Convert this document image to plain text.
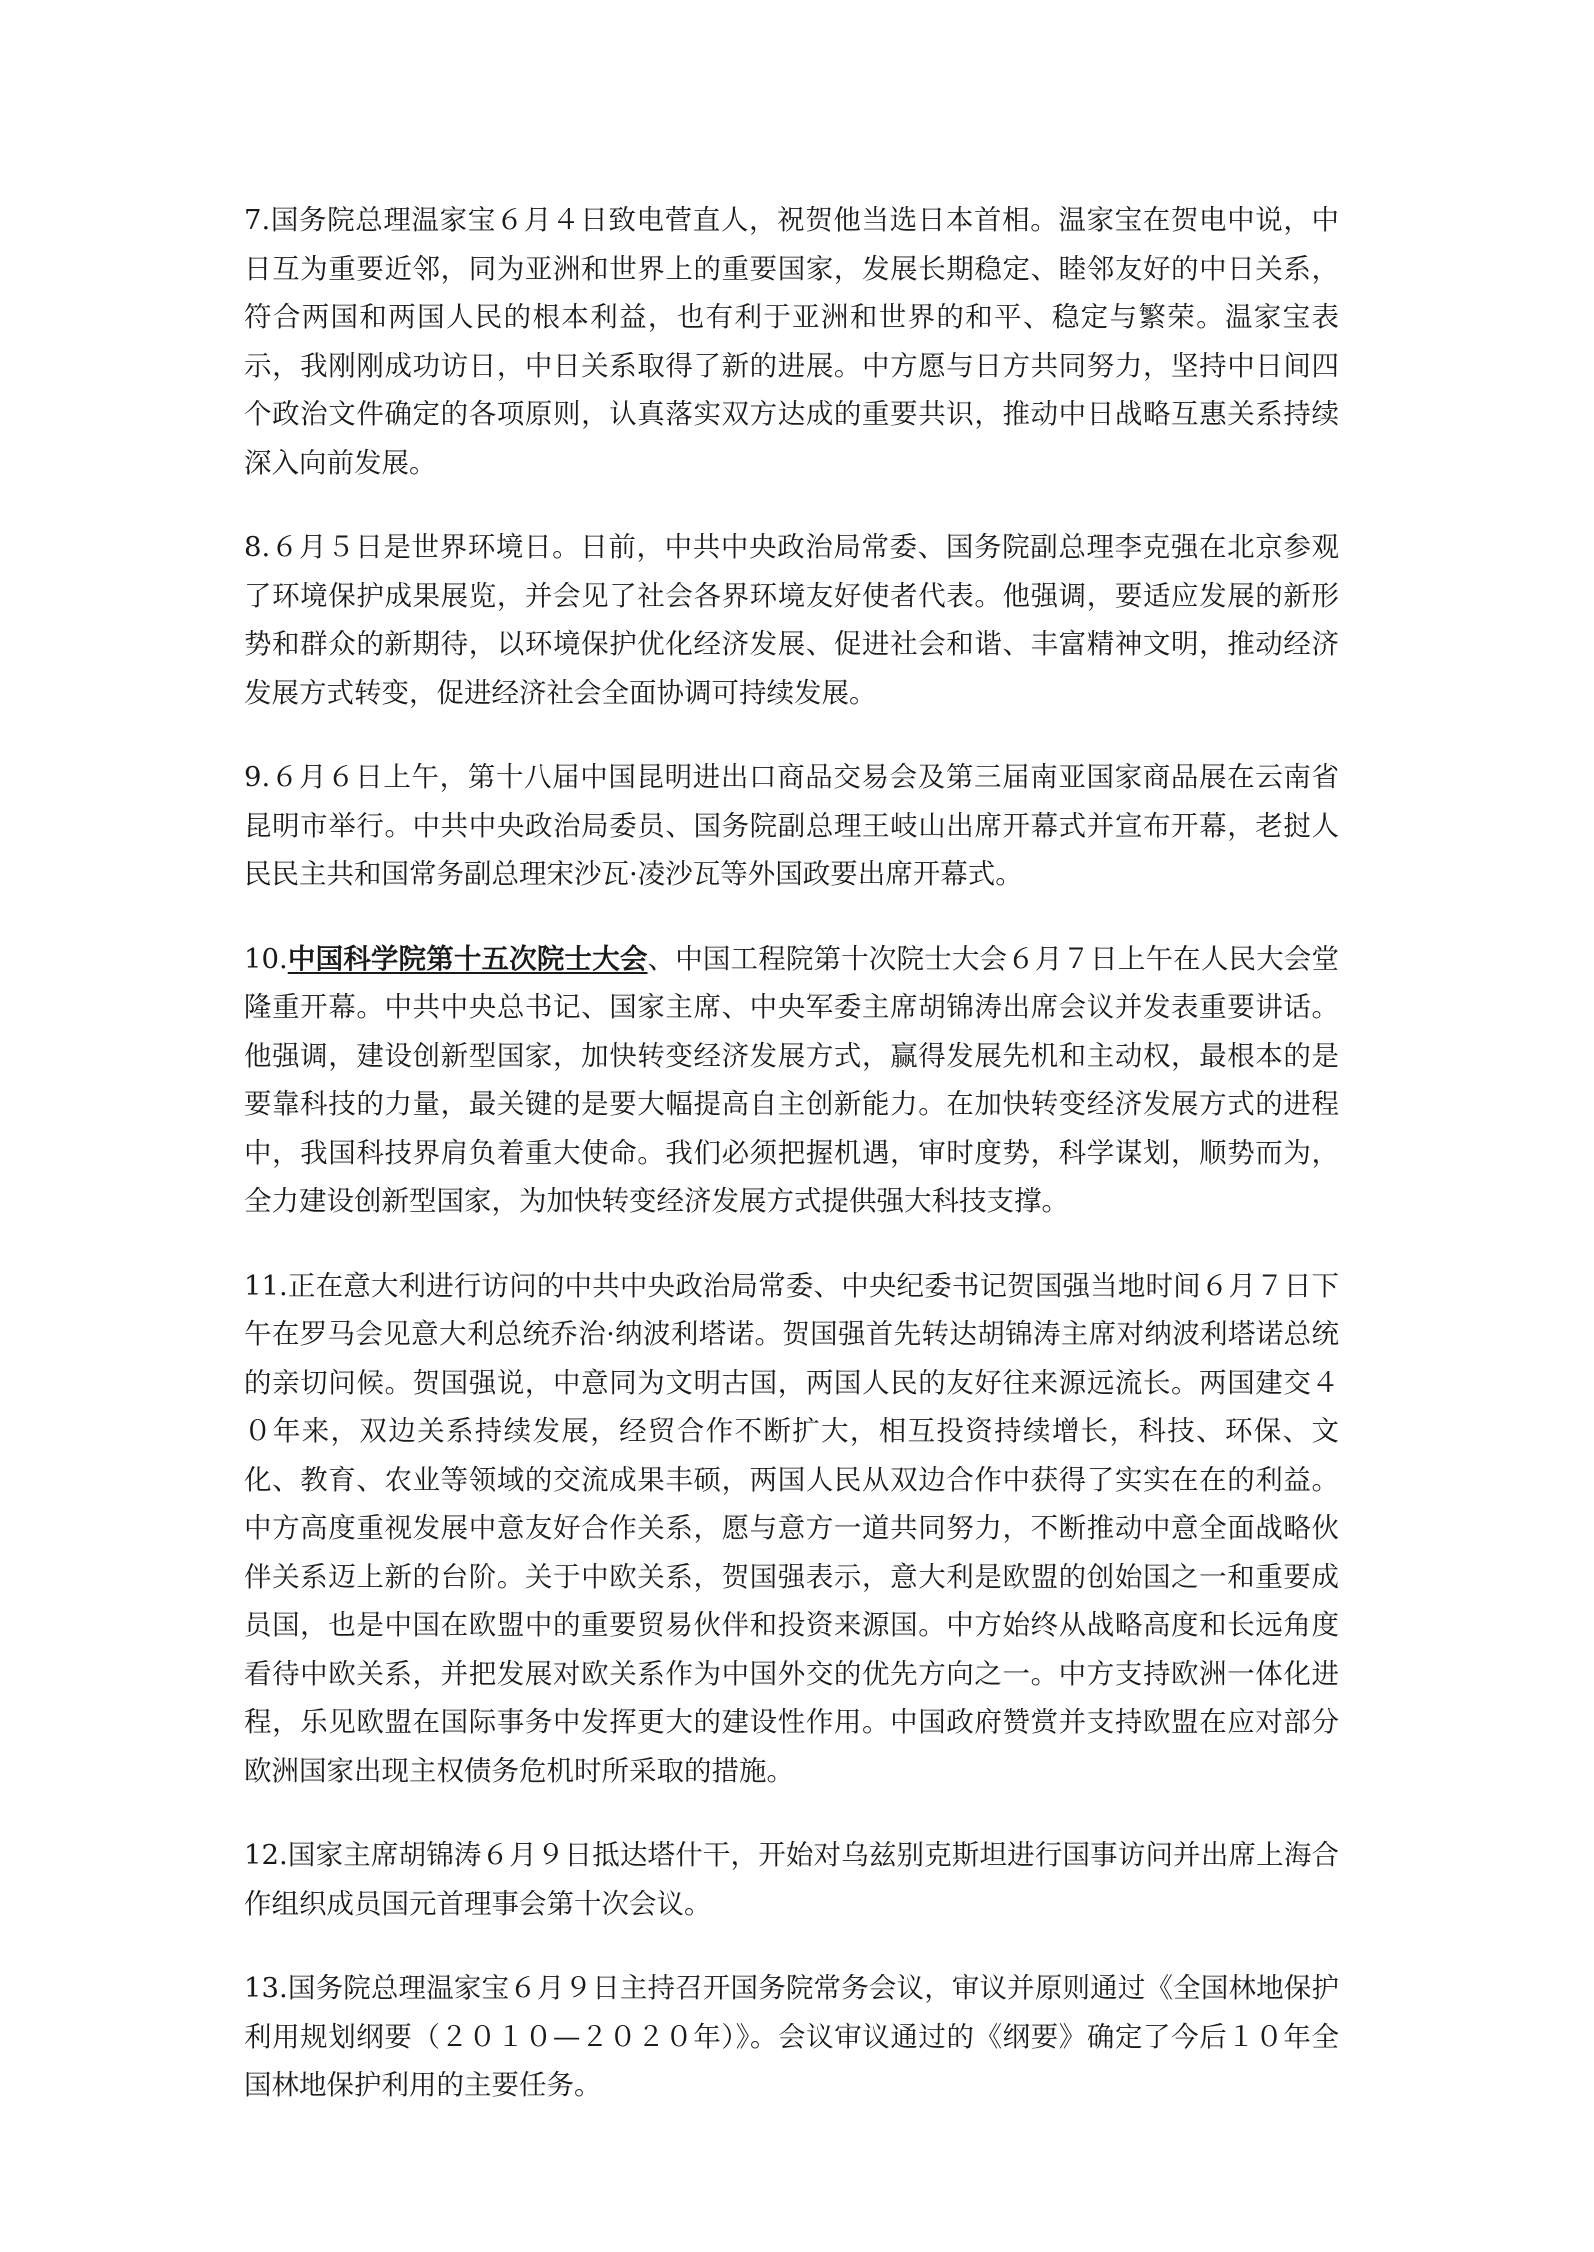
7.国务院总理温家宝６月４日致电菅直人，祝贺他当选日本首相。温家宝在贺电中说，中日互为重要近邻，同为亚洲和世界上的重要国家，发展长期稳定、睦邻友好的中日关系，符合两国和两国人民的根本利益，也有利于亚洲和世界的和平、稳定与繁荣。温家宝表示，我刚刚成功访日，中日关系取得了新的进展。中方愿与日方共同努力，坚持中日间四个政治文件确定的各项原则，认真落实双方达成的重要共识，推动中日战略互惠关系持续深入向前发展。

8.６月５日是世界环境日。日前，中共中央政治局常委、国务院副总理李克强在北京参观了环境保护成果展览，并会见了社会各界环境友好使者代表。他强调，要适应发展的新形势和群众的新期待，以环境保护优化经济发展、促进社会和谐、丰富精神文明，推动经济发展方式转变，促进经济社会全面协调可持续发展。

9.６月６日上午，第十八届中国昆明进出口商品交易会及第三届南亚国家商品展在云南省昆明市举行。中共中央政治局委员、国务院副总理王岐山出席开幕式并宣布开幕，老挝人民民主共和国常务副总理宋沙瓦·凌沙瓦等外国政要出席开幕式。

10.中国科学院第十五次院士大会、中国工程院第十次院士大会６月７日上午在人民大会堂隆重开幕。中共中央总书记、国家主席、中央军委主席胡锦涛出席会议并发表重要讲话。他强调，建设创新型国家，加快转变经济发展方式，赢得发展先机和主动权，最根本的是要靠科技的力量，最关键的是要大幅提高自主创新能力。在加快转变经济发展方式的进程中，我国科技界肩负着重大使命。我们必须把握机遇，审时度势，科学谋划，顺势而为，全力建设创新型国家，为加快转变经济发展方式提供强大科技支撑。

11.正在意大利进行访问的中共中央政治局常委、中央纪委书记贺国强当地时间６月７日下午在罗马会见意大利总统乔治·纳波利塔诺。贺国强首先转达胡锦涛主席对纳波利塔诺总统的亲切问候。贺国强说，中意同为文明古国，两国人民的友好往来源远流长。两国建交４０年来，双边关系持续发展，经贸合作不断扩大，相互投资持续增长，科技、环保、文化、教育、农业等领域的交流成果丰硕，两国人民从双边合作中获得了实实在在的利益。中方高度重视发展中意友好合作关系，愿与意方一道共同努力，不断推动中意全面战略伙伴关系迈上新的台阶。关于中欧关系，贺国强表示，意大利是欧盟的创始国之一和重要成员国，也是中国在欧盟中的重要贸易伙伴和投资来源国。中方始终从战略高度和长远角度看待中欧关系，并把发展对欧关系作为中国外交的优先方向之一。中方支持欧洲一体化进程，乐见欧盟在国际事务中发挥更大的建设性作用。中国政府赞赏并支持欧盟在应对部分欧洲国家出现主权债务危机时所采取的措施。

12.国家主席胡锦涛６月９日抵达塔什干，开始对乌兹别克斯坦进行国事访问并出席上海合作组织成员国元首理事会第十次会议。

13.国务院总理温家宝６月９日主持召开国务院常务会议，审议并原则通过《全国林地保护利用规划纲要（２０１０—２０２０年）》。会议审议通过的《纲要》确定了今后１０年全国林地保护利用的主要任务。
